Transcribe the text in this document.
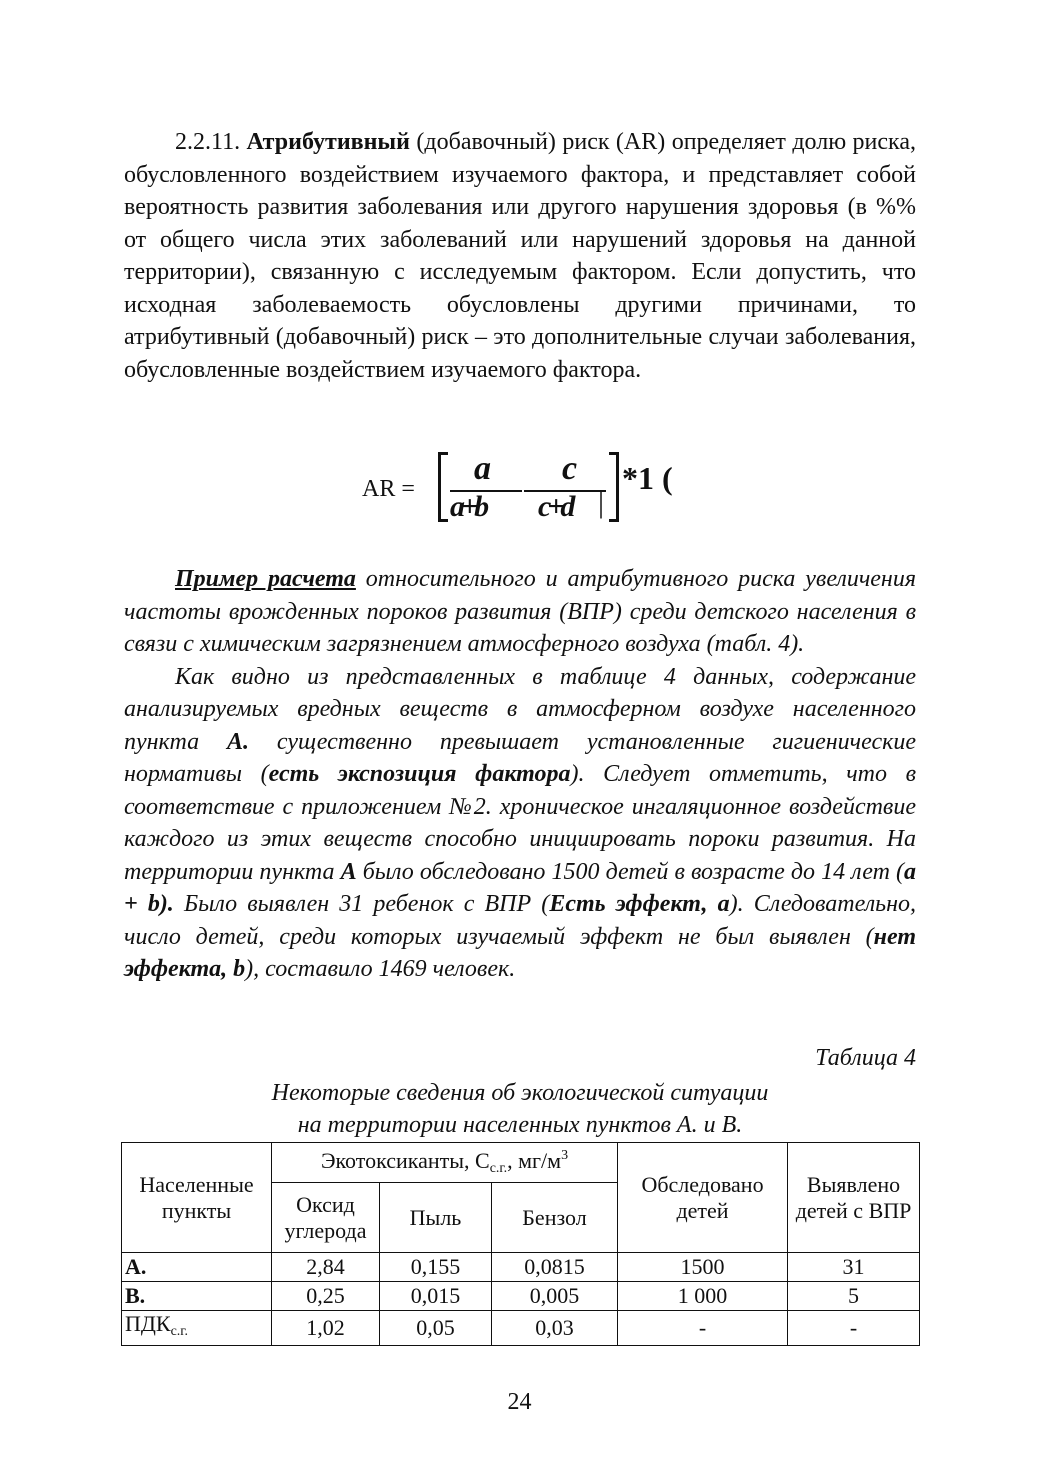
2.2.11. Атрибутивный (добавочный) риск (AR) определяет долю риска, обусловленного воздействием изучаемого фактора, и представляет собой вероятность развития заболевания или другого нарушения здоровья (в %% от общего числа этих заболеваний или нарушений здоровья на данной территории), связанную с исследуемым фактором. Если допустить, что исходная заболеваемость обусловлены другими причинами, то атрибутивный (добавочный) риск – это дополнительные случаи заболевания, обусловленные воздействием изучаемого фактора.

AR =
a
a+b
c
c+d |
*1 (

Пример расчета относительного и атрибутивного риска увеличения частоты врожденных пороков развития (ВПР) среди детского населения в связи с химическим загрязнением атмосферного воздуха (табл. 4).

Как видно из представленных в таблице 4 данных, содержание анализируемых вредных веществ в атмосферном воздухе населенного пункта А. существенно превышает установленные гигиенические нормативы (есть экспозиция фактора). Следует отметить, что в соответствие с приложением №2. хроническое ингаляционное воздействие каждого из этих веществ способно инициировать пороки развития. На территории пункта А было обследовано 1500 детей в возрасте до 14 лет (a + b). Было выявлен 31 ребенок с ВПР (Есть эффект, а). Следовательно, число детей, среди которых изучаемый эффект не был выявлен (нет эффекта, b), составило 1469 человек.

Таблица 4
Некоторые сведения об экологической ситуации
на территории населенных пунктов А. и В.
Населенные пункты	Экотоксиканты, $С_{с.г.}$, $мг/м^3$			Обследовано детей	Выявлено детей с ВПР
	Оксид углерода	Пыль	Бензол		
А.	2,84	0,155	0,0815	1500	31
В.	0,25	0,015	0,005	1 000	5
$ПДК_{с.г.}$	1,02	0,05	0,03	-	-
24
